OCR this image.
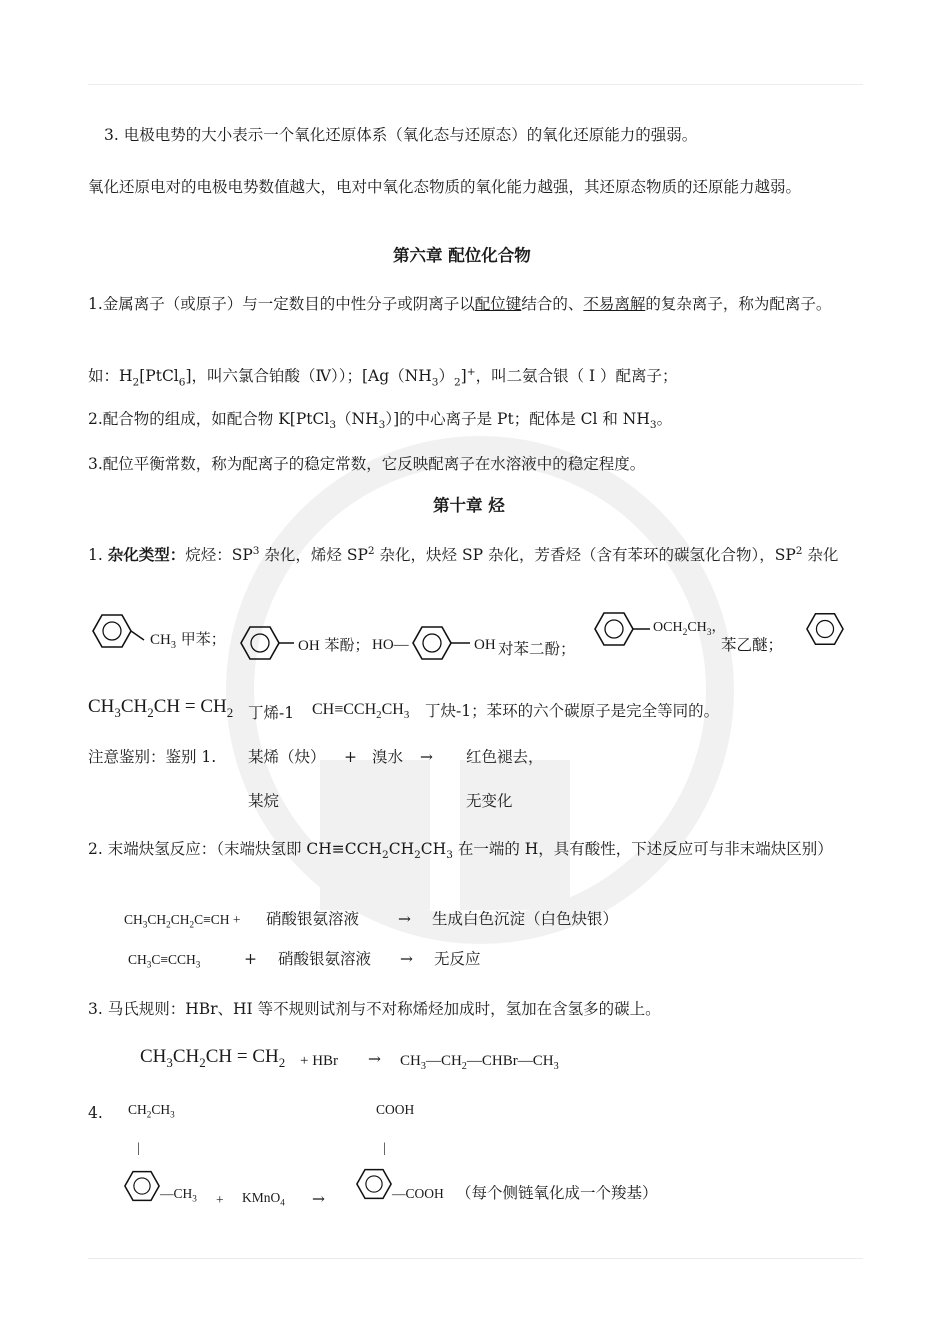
3. 电极电势的大小表示一个氧化还原体系（氧化态与还原态）的氧化还原能力的强弱。
氧化还原电对的电极电势数值越大，电对中氧化态物质的氧化能力越强，其还原态物质的还原能力越弱。
第六章 配位化合物
1.金属离子（或原子）与一定数目的中性分子或阴离子以配位键结合的、不易离解的复杂离子，称为配离子。
如：$H_2[PtCl_6]$，叫六氯合铂酸（Ⅳ））；$[Ag(NH_3)_2]^+$，叫二氨合银（ Ⅰ ）配离子；
2.配合物的组成，如配合物 $K[PtCl_3(NH_3)]$的中心离子是 Pt；配体是 Cl 和 $NH_3$。
3.配位平衡常数，称为配离子的稳定常数，它反映配离子在水溶液中的稳定程度。
第十章 烃
1. 杂化类型：烷烃：$SP^3$ 杂化，烯烃 $SP^2$ 杂化，炔烃 SP 杂化，芳香烃（含有苯环的碳氢化合物），$SP^2$ 杂化
$CH_3$ 甲苯；	OH 苯酚； HO—	OH 对苯二酚；
$OCH_2CH_3$，
苯乙醚；
$CH_3CH_2CH = CH_2$ 丁烯-1 $CH\equiv CCH_2CH_3$ 丁炔-1；苯环的六个碳原子是完全等同的。
注意鉴别：鉴别 1. 某烯（炔） + 溴水 → 红色褪去，
某烷	无变化
2. 末端炔氢反应：（末端炔氢即 $CH\equiv CCH_2CH_2CH_3$ 在一端的 H，具有酸性，下述反应可与非末端炔区别）
$CH_3CH_2CH_2C\equiv CH$ + 硝酸银氨溶液	→ 生成白色沉淀（白色炔银）
$CH_3C\equiv CCH_3$	+ 硝酸银氨溶液 → 无反应
3. 马氏规则：HBr、HI 等不规则试剂与不对称烯烃加成时，氢加在含氢多的碳上。
$CH_3CH_2CH = CH_2$ + HBr → $CH_3—CH_2—CHBr—CH_3$
4. $CH_2CH_3$	COOH
|	|
$—CH_3$ + KMnO$_4$ →	—COOH （每个侧链氧化成一个羧基）
